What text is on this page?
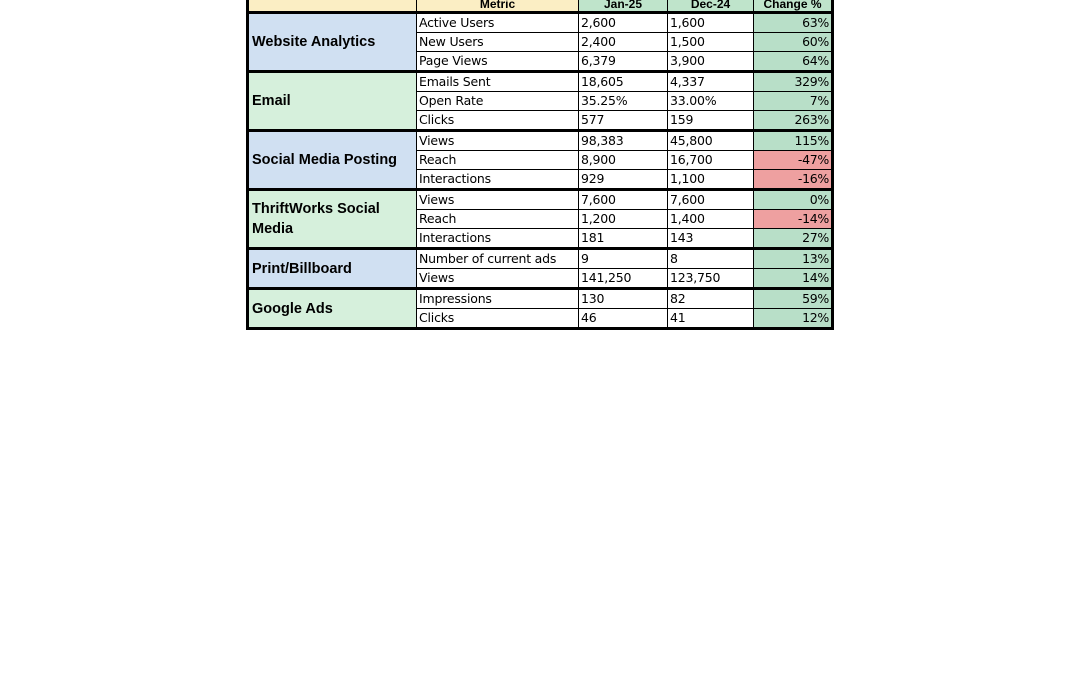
	Metric	Jan-25	Dec-24	Change %
Website Analytics	Active Users	2,600	1,600	63%
	New Users	2,400	1,500	60%
	Page Views	6,379	3,900	64%
Email	Emails Sent	18,605	4,337	329%
	Open Rate	35.25%	33.00%	7%
	Clicks	577	159	263%
Social Media Posting	Views	98,383	45,800	115%
	Reach	8,900	16,700	-47%
	Interactions	929	1,100	-16%
ThriftWorks Social Media	Views	7,600	7,600	0%
	Reach	1,200	1,400	-14%
	Interactions	181	143	27%
Print/Billboard	Number of current ads	9	8	13%
	Views	141,250	123,750	14%
Google Ads	Impressions	130	82	59%
	Clicks	46	41	12%
